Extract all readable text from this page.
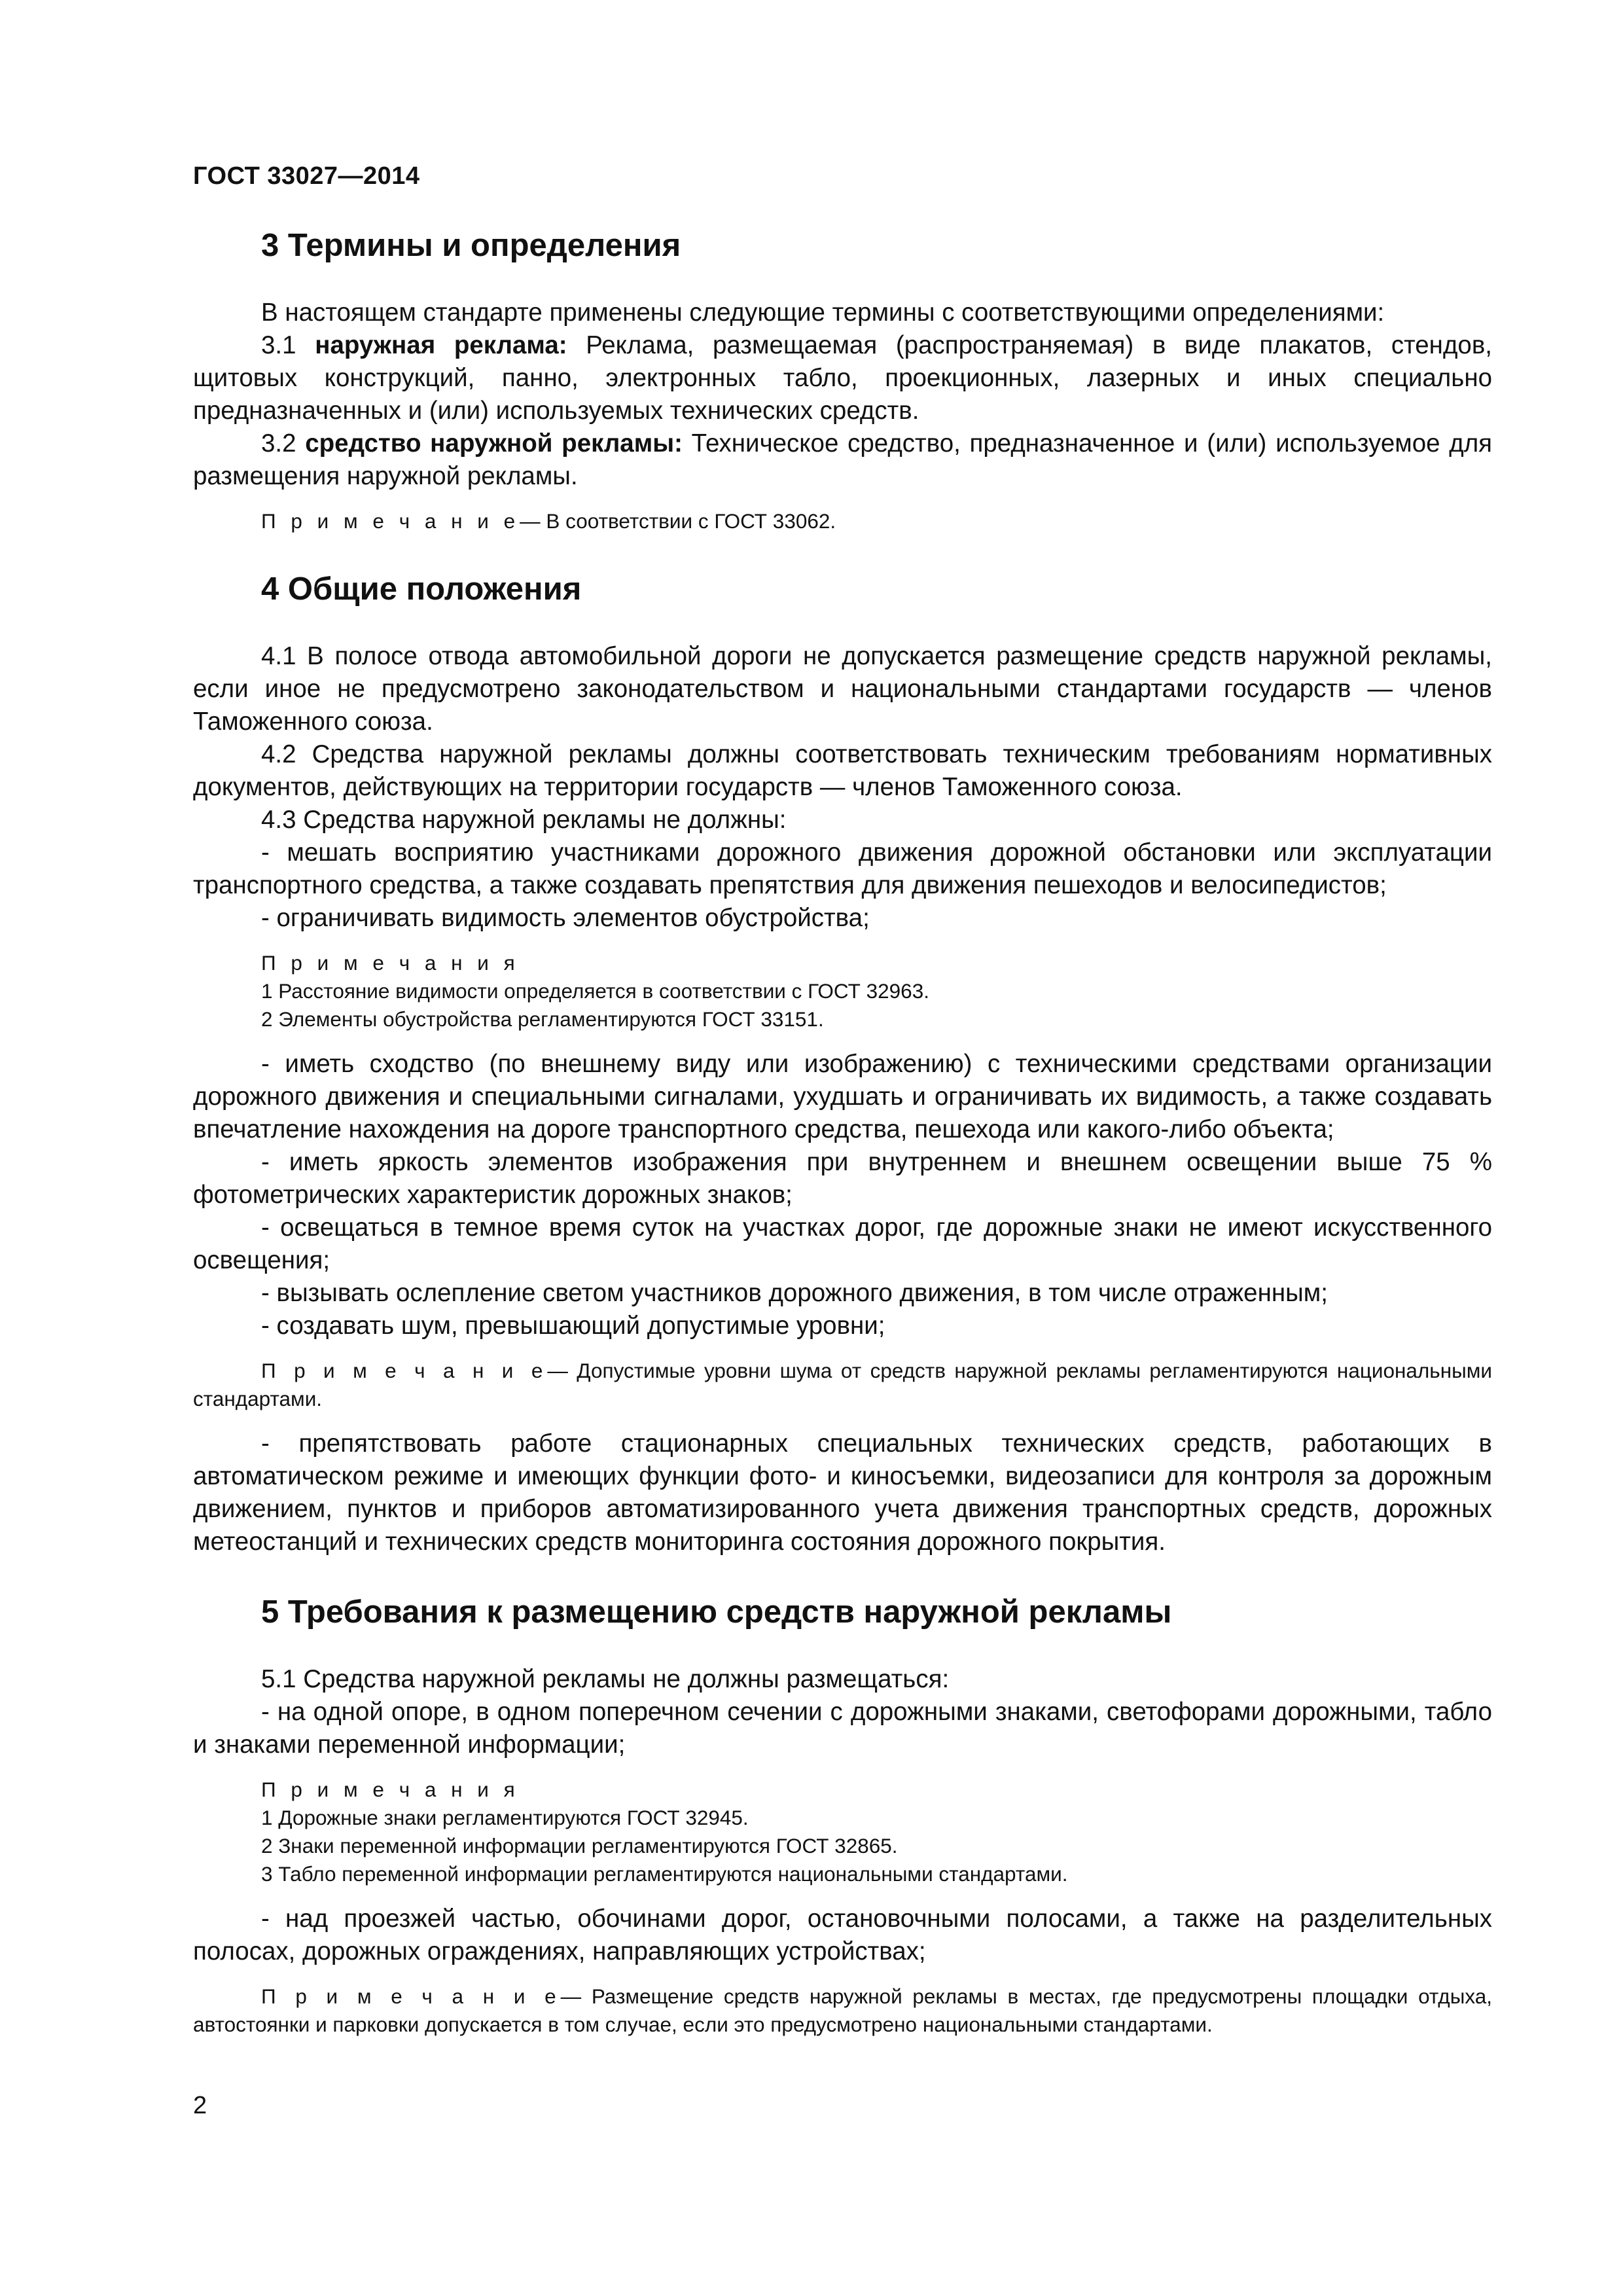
ГОСТ 33027—2014
3 Термины и определения

В настоящем стандарте применены следующие термины с соответствующими определениями:

3.1 наружная реклама: Реклама, размещаемая (распространяемая) в виде плакатов, стендов, щитовых конструкций, панно, электронных табло, проекционных, лазерных и иных специально предназначенных и (или) используемых технических средств.

3.2 средство наружной рекламы: Техническое средство, предназначенное и (или) используемое для размещения наружной рекламы.

П р и м е ч а н и е— В соответствии с ГОСТ 33062.

4 Общие положения

4.1 В полосе отвода автомобильной дороги не допускается размещение средств наружной рекламы, если иное не предусмотрено законодательством и национальными стандартами государств — членов Таможенного союза.

4.2 Средства наружной рекламы должны соответствовать техническим требованиям нормативных документов, действующих на территории государств — членов Таможенного союза.

4.3 Средства наружной рекламы не должны:

- мешать восприятию участниками дорожного движения дорожной обстановки или эксплуатации транспортного средства, а также создавать препятствия для движения пешеходов и велосипедистов;

- ограничивать видимость элементов обустройства;

П р и м е ч а н и я

1 Расстояние видимости определяется в соответствии с ГОСТ 32963.

2 Элементы обустройства регламентируются ГОСТ 33151.

- иметь сходство (по внешнему виду или изображению) с техническими средствами организации дорожного движения и специальными сигналами, ухудшать и ограничивать их видимость, а также создавать впечатление нахождения на дороге транспортного средства, пешехода или какого-либо объекта;

- иметь яркость элементов изображения при внутреннем и внешнем освещении выше 75 % фотометрических характеристик дорожных знаков;

- освещаться в темное время суток на участках дорог, где дорожные знаки не имеют искусственного освещения;

- вызывать ослепление светом участников дорожного движения, в том числе отраженным;

- создавать шум, превышающий допустимые уровни;

П р и м е ч а н и е— Допустимые уровни шума от средств наружной рекламы регламентируются национальными стандартами.

- препятствовать работе стационарных специальных технических средств, работающих в автоматическом режиме и имеющих функции фото- и киносъемки, видеозаписи для контроля за дорожным движением, пунктов и приборов автоматизированного учета движения транспортных средств, дорожных метеостанций и технических средств мониторинга состояния дорожного покрытия.

5 Требования к размещению средств наружной рекламы

5.1 Средства наружной рекламы не должны размещаться:

- на одной опоре, в одном поперечном сечении с дорожными знаками, светофорами дорожными, табло и знаками переменной информации;

П р и м е ч а н и я

1 Дорожные знаки регламентируются ГОСТ 32945.

2 Знаки переменной информации регламентируются ГОСТ 32865.

3 Табло переменной информации регламентируются национальными стандартами.

- над проезжей частью, обочинами дорог, остановочными полосами, а также на разделительных полосах, дорожных ограждениях, направляющих устройствах;

П р и м е ч а н и е— Размещение средств наружной рекламы в местах, где предусмотрены площадки отдыха, автостоянки и парковки допускается в том случае, если это предусмотрено национальными стандартами.

2
